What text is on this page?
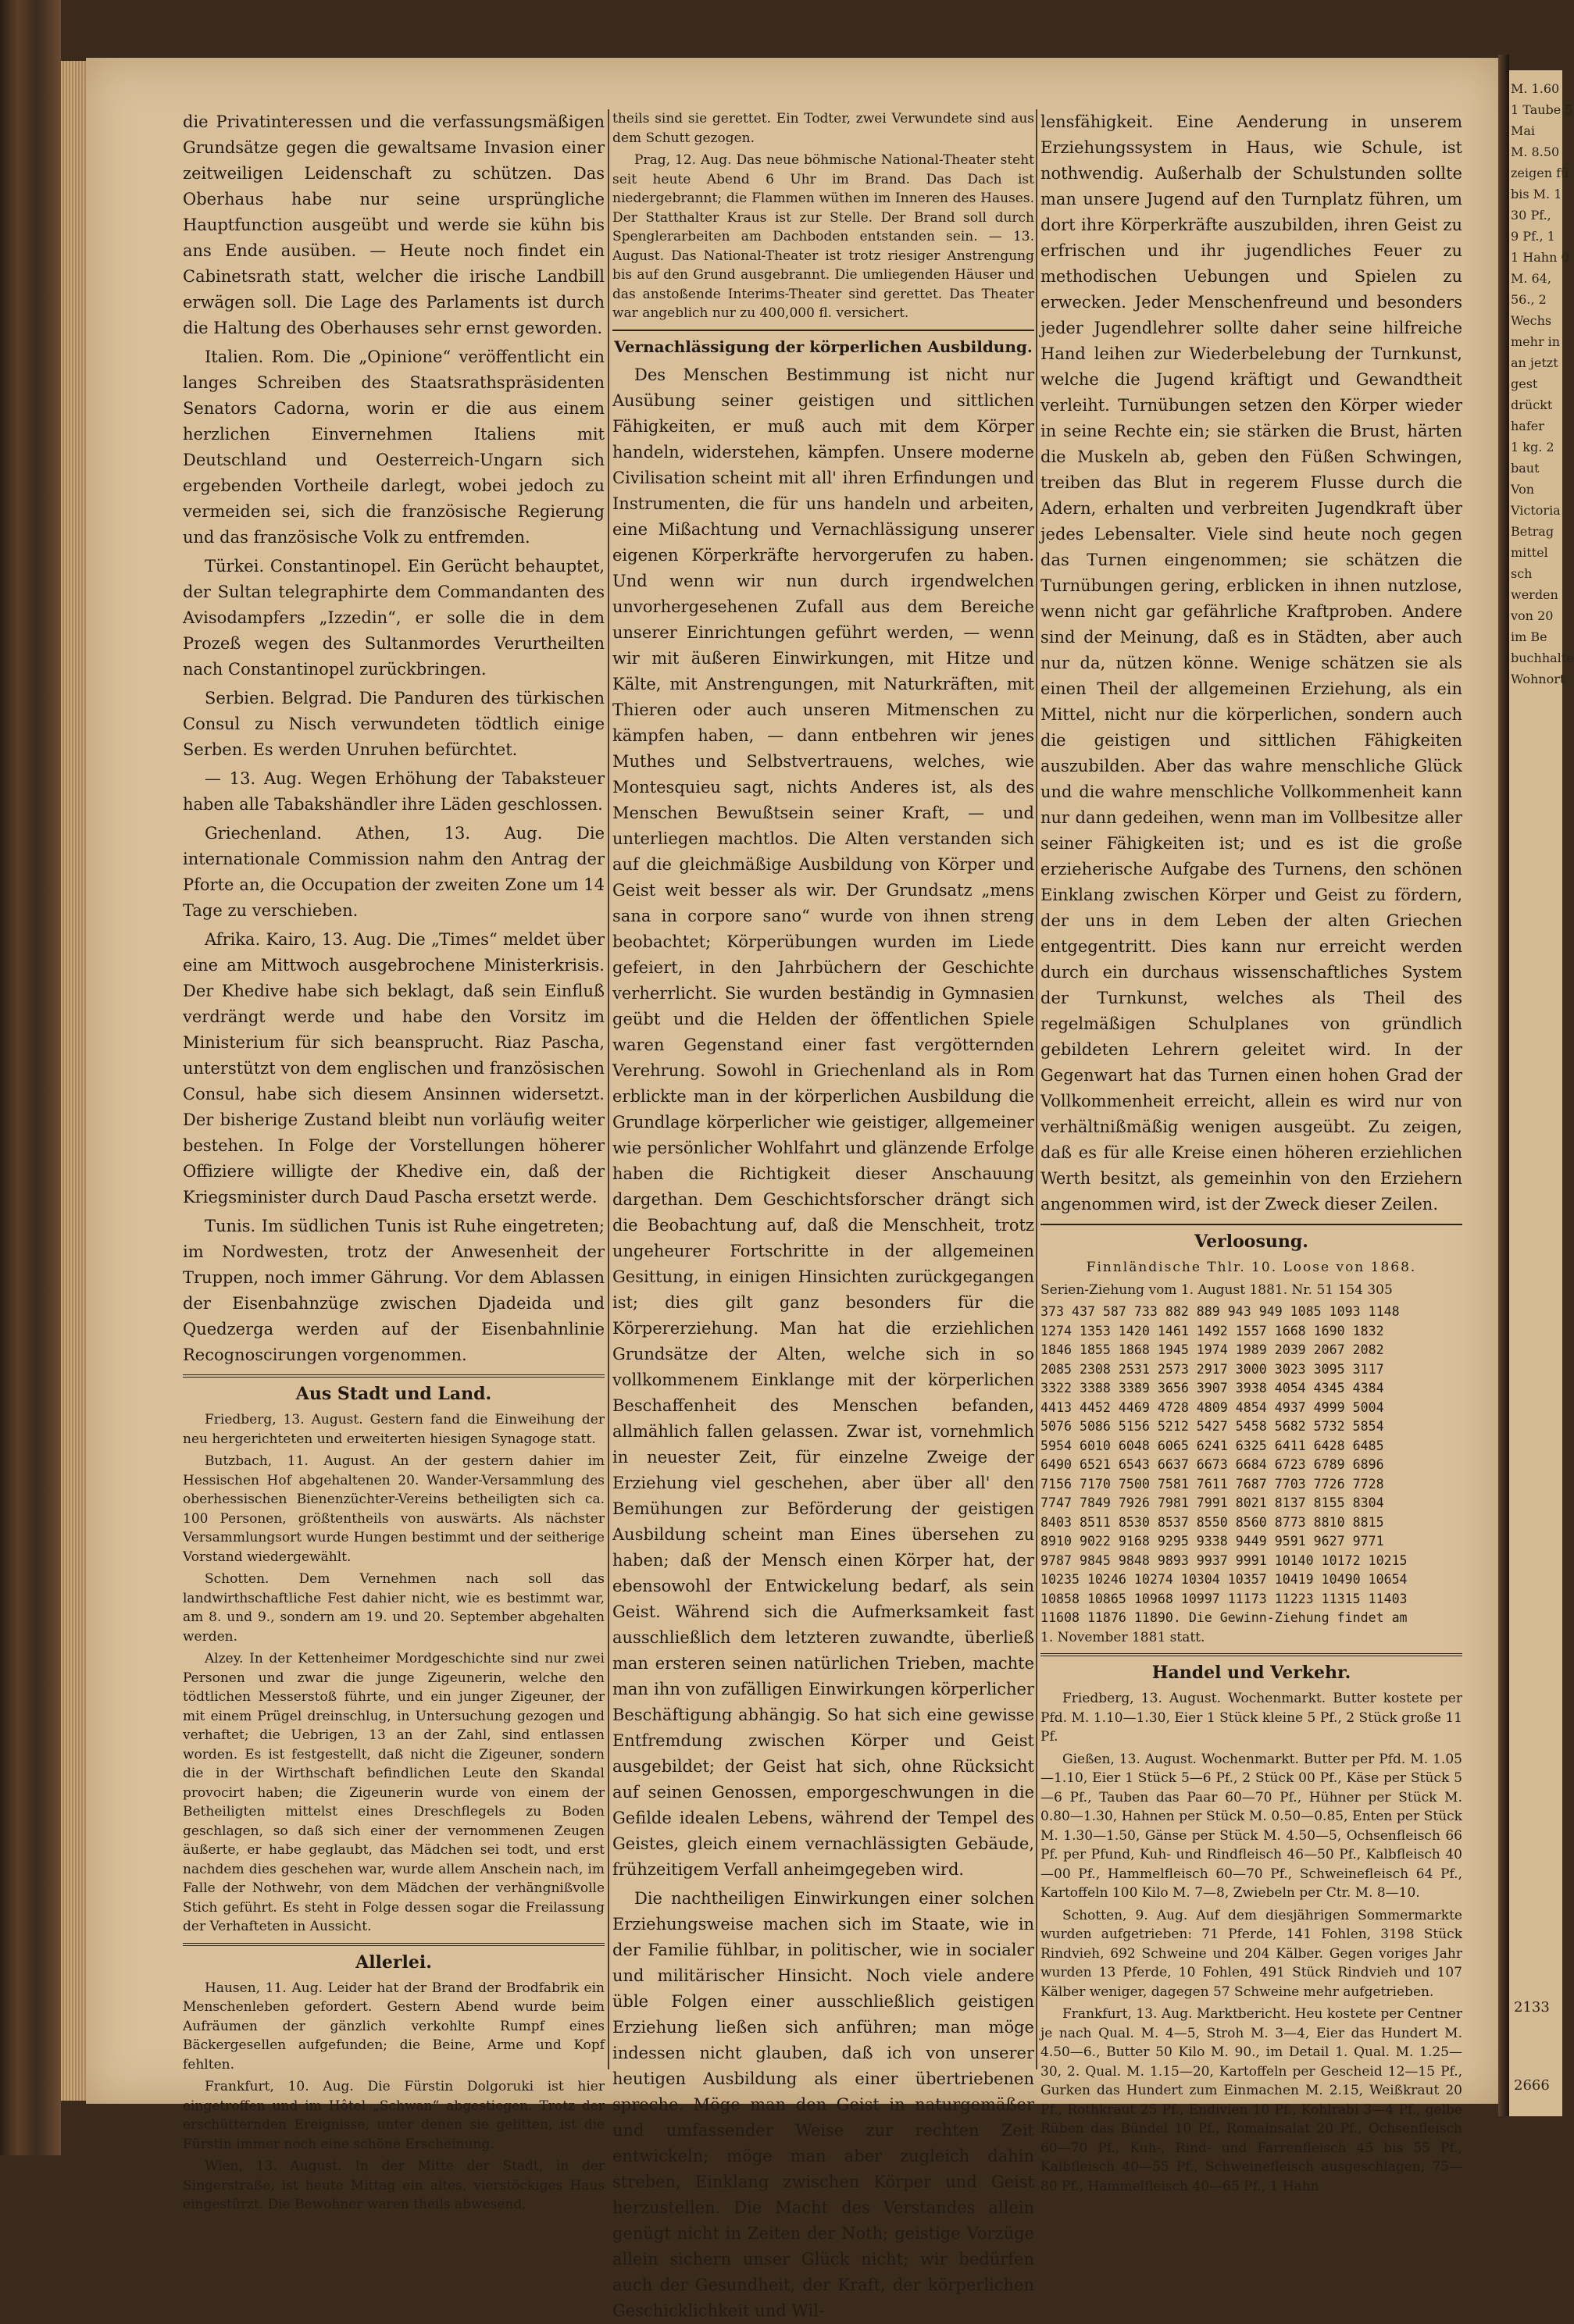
M. 1.60
1 Taube 5
Mai
M. 8.50
zeigen fü
bis M. 1
30 Pf.,
9 Pf., 1
1 Hahn 0
M. 64,
56., 2
Wechs
mehr in
an jetzt
gest
drückt
hafer
1 kg. 2
baut
Von
Victoria
Betrag
mittel
sch
werden
von 20
im Be
buchhalte
Wohnort
2133
2666

die Privatinteressen und die verfassungsmäßigen Grundsätze gegen die gewaltsame Invasion einer zeitweiligen Leidenschaft zu schützen. Das Oberhaus habe nur seine ursprüngliche Hauptfunction ausgeübt und werde sie kühn bis ans Ende ausüben. — Heute noch findet ein Cabinetsrath statt, welcher die irische Landbill erwägen soll. Die Lage des Parlaments ist durch die Haltung des Oberhauses sehr ernst geworden.

Italien. Rom. Die „Opinione“ veröffentlicht ein langes Schreiben des Staatsrathspräsidenten Senators Cadorna, worin er die aus einem herzlichen Einvernehmen Italiens mit Deutschland und Oesterreich-Ungarn sich ergebenden Vortheile darlegt, wobei jedoch zu vermeiden sei, sich die französische Regierung und das französische Volk zu entfremden.

Türkei. Constantinopel. Ein Gerücht behauptet, der Sultan telegraphirte dem Commandanten des Avisodampfers „Izzedin“, er solle die in dem Prozeß wegen des Sultanmordes Verurtheilten nach Constantinopel zurückbringen.

Serbien. Belgrad. Die Panduren des türkischen Consul zu Nisch verwundeten tödtlich einige Serben. Es werden Unruhen befürchtet.

— 13. Aug. Wegen Erhöhung der Tabaksteuer haben alle Tabakshändler ihre Läden geschlossen.

Griechenland. Athen, 13. Aug. Die internationale Commission nahm den Antrag der Pforte an, die Occupation der zweiten Zone um 14 Tage zu verschieben.

Afrika. Kairo, 13. Aug. Die „Times“ meldet über eine am Mittwoch ausgebrochene Ministerkrisis. Der Khedive habe sich beklagt, daß sein Einfluß verdrängt werde und habe den Vorsitz im Ministerium für sich beansprucht. Riaz Pascha, unterstützt von dem englischen und französischen Consul, habe sich diesem Ansinnen widersetzt. Der bisherige Zustand bleibt nun vorläufig weiter bestehen. In Folge der Vorstellungen höherer Offiziere willigte der Khedive ein, daß der Kriegsminister durch Daud Pascha ersetzt werde.

Tunis. Im südlichen Tunis ist Ruhe eingetreten; im Nordwesten, trotz der Anwesenheit der Truppen, noch immer Gährung. Vor dem Ablassen der Eisenbahnzüge zwischen Djadeida und Quedzerga werden auf der Eisenbahnlinie Recognoscirungen vorgenommen.

Aus Stadt und Land.

Friedberg, 13. August. Gestern fand die Einweihung der neu hergerichteten und erweiterten hiesigen Synagoge statt.

Butzbach, 11. August. An der gestern dahier im Hessischen Hof abgehaltenen 20. Wander-Versammlung des oberhessischen Bienenzüchter-Vereins betheiligten sich ca. 100 Personen, größtentheils von auswärts. Als nächster Versammlungsort wurde Hungen bestimmt und der seitherige Vorstand wiedergewählt.

Schotten. Dem Vernehmen nach soll das landwirthschaftliche Fest dahier nicht, wie es bestimmt war, am 8. und 9., sondern am 19. und 20. September abgehalten werden.

Alzey. In der Kettenheimer Mordgeschichte sind nur zwei Personen und zwar die junge Zigeunerin, welche den tödtlichen Messerstoß führte, und ein junger Zigeuner, der mit einem Prügel dreinschlug, in Untersuchung gezogen und verhaftet; die Uebrigen, 13 an der Zahl, sind entlassen worden. Es ist festgestellt, daß nicht die Zigeuner, sondern die in der Wirthschaft befindlichen Leute den Skandal provocirt haben; die Zigeunerin wurde von einem der Betheiligten mittelst eines Dreschflegels zu Boden geschlagen, so daß sich einer der vernommenen Zeugen äußerte, er habe geglaubt, das Mädchen sei todt, und erst nachdem dies geschehen war, wurde allem Anschein nach, im Falle der Nothwehr, von dem Mädchen der verhängnißvolle Stich geführt. Es steht in Folge dessen sogar die Freilassung der Verhafteten in Aussicht.

Allerlei.

Hausen, 11. Aug. Leider hat der Brand der Brodfabrik ein Menschenleben gefordert. Gestern Abend wurde beim Aufräumen der gänzlich verkohlte Rumpf eines Bäckergesellen aufgefunden; die Beine, Arme und Kopf fehlten.

Frankfurt, 10. Aug. Die Fürstin Dolgoruki ist hier eingetroffen und im Hôtel „Schwan“ abgestiegen. Trotz der erschütternden Ereignisse, unter denen sie gelitten, ist die Fürstin immer noch eine schöne Erscheinung.

Wien, 13. August. In der Mitte der Stadt, in der Singerstraße, ist heute Mittag ein altes, vierstöckiges Haus eingestürzt. Die Bewohner waren theils abwesend,

theils sind sie gerettet. Ein Todter, zwei Verwundete sind aus dem Schutt gezogen.

Prag, 12. Aug. Das neue böhmische National-Theater steht seit heute Abend 6 Uhr im Brand. Das Dach ist niedergebrannt; die Flammen wüthen im Inneren des Hauses. Der Statthalter Kraus ist zur Stelle. Der Brand soll durch Spenglerarbeiten am Dachboden entstanden sein. — 13. August. Das National-Theater ist trotz riesiger Anstrengung bis auf den Grund ausgebrannt. Die umliegenden Häuser und das anstoßende Interims-Theater sind gerettet. Das Theater war angeblich nur zu 400,000 fl. versichert.

Vernachlässigung der körperlichen Ausbildung.

Des Menschen Bestimmung ist nicht nur Ausübung seiner geistigen und sittlichen Fähigkeiten, er muß auch mit dem Körper handeln, widerstehen, kämpfen. Unsere moderne Civilisation scheint mit all' ihren Erfindungen und Instrumenten, die für uns handeln und arbeiten, eine Mißachtung und Vernachlässigung unserer eigenen Körperkräfte hervorgerufen zu haben. Und wenn wir nun durch irgendwelchen unvorhergesehenen Zufall aus dem Bereiche unserer Einrichtungen geführt werden, — wenn wir mit äußeren Einwirkungen, mit Hitze und Kälte, mit Anstrengungen, mit Naturkräften, mit Thieren oder auch unseren Mitmenschen zu kämpfen haben, — dann entbehren wir jenes Muthes und Selbstvertrauens, welches, wie Montesquieu sagt, nichts Anderes ist, als des Menschen Bewußtsein seiner Kraft, — und unterliegen machtlos. Die Alten verstanden sich auf die gleichmäßige Ausbildung von Körper und Geist weit besser als wir. Der Grundsatz „mens sana in corpore sano“ wurde von ihnen streng beobachtet; Körperübungen wurden im Liede gefeiert, in den Jahrbüchern der Geschichte verherrlicht. Sie wurden beständig in Gymnasien geübt und die Helden der öffentlichen Spiele waren Gegenstand einer fast vergötternden Verehrung. Sowohl in Griechenland als in Rom erblickte man in der körperlichen Ausbildung die Grundlage körperlicher wie geistiger, allgemeiner wie persönlicher Wohlfahrt und glänzende Erfolge haben die Richtigkeit dieser Anschauung dargethan. Dem Geschichtsforscher drängt sich die Beobachtung auf, daß die Menschheit, trotz ungeheurer Fortschritte in der allgemeinen Gesittung, in einigen Hinsichten zurückgegangen ist; dies gilt ganz besonders für die Körpererziehung. Man hat die erziehlichen Grundsätze der Alten, welche sich in so vollkommenem Einklange mit der körperlichen Beschaffenheit des Menschen befanden, allmählich fallen gelassen. Zwar ist, vornehmlich in neuester Zeit, für einzelne Zweige der Erziehung viel geschehen, aber über all' den Bemühungen zur Beförderung der geistigen Ausbildung scheint man Eines übersehen zu haben; daß der Mensch einen Körper hat, der ebensowohl der Entwickelung bedarf, als sein Geist. Während sich die Aufmerksamkeit fast ausschließlich dem letzteren zuwandte, überließ man ersteren seinen natürlichen Trieben, machte man ihn von zufälligen Einwirkungen körperlicher Beschäftigung abhängig. So hat sich eine gewisse Entfremdung zwischen Körper und Geist ausgebildet; der Geist hat sich, ohne Rücksicht auf seinen Genossen, emporgeschwungen in die Gefilde idealen Lebens, während der Tempel des Geistes, gleich einem vernachlässigten Gebäude, frühzeitigem Verfall anheimgegeben wird.

Die nachtheiligen Einwirkungen einer solchen Erziehungsweise machen sich im Staate, wie in der Familie fühlbar, in politischer, wie in socialer und militärischer Hinsicht. Noch viele andere üble Folgen einer ausschließlich geistigen Erziehung ließen sich anführen; man möge indessen nicht glauben, daß ich von unserer heutigen Ausbildung als einer übertriebenen spreche. Möge man den Geist in naturgemäßer und umfassender Weise zur rechten Zeit entwickeln; möge man aber zugleich dahin streben, Einklang zwischen Körper und Geist herzustellen. Die Macht des Verstandes allein genügt nicht in Zeiten der Noth; geistige Vorzüge allein sichern unser Glück nicht; wir bedürfen auch der Gesundheit, der Kraft, der körperlichen Geschicklichkeit und Wil-

lensfähigkeit. Eine Aenderung in unserem Erziehungssystem in Haus, wie Schule, ist nothwendig. Außerhalb der Schulstunden sollte man unsere Jugend auf den Turnplatz führen, um dort ihre Körperkräfte auszubilden, ihren Geist zu erfrischen und ihr jugendliches Feuer zu methodischen Uebungen und Spielen zu erwecken. Jeder Menschenfreund und besonders jeder Jugendlehrer sollte daher seine hilfreiche Hand leihen zur Wiederbelebung der Turnkunst, welche die Jugend kräftigt und Gewandtheit verleiht. Turnübungen setzen den Körper wieder in seine Rechte ein; sie stärken die Brust, härten die Muskeln ab, geben den Füßen Schwingen, treiben das Blut in regerem Flusse durch die Adern, erhalten und verbreiten Jugendkraft über jedes Lebensalter. Viele sind heute noch gegen das Turnen eingenommen; sie schätzen die Turnübungen gering, erblicken in ihnen nutzlose, wenn nicht gar gefährliche Kraftproben. Andere sind der Meinung, daß es in Städten, aber auch nur da, nützen könne. Wenige schätzen sie als einen Theil der allgemeinen Erziehung, als ein Mittel, nicht nur die körperlichen, sondern auch die geistigen und sittlichen Fähigkeiten auszubilden. Aber das wahre menschliche Glück und die wahre menschliche Vollkommenheit kann nur dann gedeihen, wenn man im Vollbesitze aller seiner Fähigkeiten ist; und es ist die große erzieherische Aufgabe des Turnens, den schönen Einklang zwischen Körper und Geist zu fördern, der uns in dem Leben der alten Griechen entgegentritt. Dies kann nur erreicht werden durch ein durchaus wissenschaftliches System der Turnkunst, welches als Theil des regelmäßigen Schulplanes von gründlich gebildeten Lehrern geleitet wird. In der Gegenwart hat das Turnen einen hohen Grad der Vollkommenheit erreicht, allein es wird nur von verhältnißmäßig wenigen ausgeübt. Zu zeigen, daß es für alle Kreise einen höheren erziehlichen Werth besitzt, als gemeinhin von den Erziehern angenommen wird, ist der Zweck dieser Zeilen.

Verloosung.

Finnländische Thlr. 10. Loose von 1868.

Serien-Ziehung vom 1. August 1881. Nr. 51 154 305

373 437 587 733 882 889 943 949 1085 1093 1148
1274 1353 1420 1461 1492 1557 1668 1690 1832
1846 1855 1868 1945 1974 1989 2039 2067 2082
2085 2308 2531 2573 2917 3000 3023 3095 3117
3322 3388 3389 3656 3907 3938 4054 4345 4384
4413 4452 4469 4728 4809 4854 4937 4999 5004
5076 5086 5156 5212 5427 5458 5682 5732 5854
5954 6010 6048 6065 6241 6325 6411 6428 6485
6490 6521 6543 6637 6673 6684 6723 6789 6896
7156 7170 7500 7581 7611 7687 7703 7726 7728
7747 7849 7926 7981 7991 8021 8137 8155 8304
8403 8511 8530 8537 8550 8560 8773 8810 8815
8910 9022 9168 9295 9338 9449 9591 9627 9771
9787 9845 9848 9893 9937 9991 10140 10172 10215
10235 10246 10274 10304 10357 10419 10490 10654
10858 10865 10968 10997 11173 11223 11315 11403
11608 11876 11890. Die Gewinn-Ziehung findet am

1. November 1881 statt.

Handel und Verkehr.

Friedberg, 13. August. Wochenmarkt. Butter kostete per Pfd. M. 1.10—1.30, Eier 1 Stück kleine 5 Pf., 2 Stück große 11 Pf.

Gießen, 13. August. Wochenmarkt. Butter per Pfd. M. 1.05—1.10, Eier 1 Stück 5—6 Pf., 2 Stück 00 Pf., Käse per Stück 5—6 Pf., Tauben das Paar 60—70 Pf., Hühner per Stück M. 0.80—1.30, Hahnen per Stück M. 0.50—0.85, Enten per Stück M. 1.30—1.50, Gänse per Stück M. 4.50—5, Ochsenfleisch 66 Pf. per Pfund, Kuh- und Rindfleisch 46—50 Pf., Kalbfleisch 40—00 Pf., Hammelfleisch 60—70 Pf., Schweinefleisch 64 Pf., Kartoffeln 100 Kilo M. 7—8, Zwiebeln per Ctr. M. 8—10.

Schotten, 9. Aug. Auf dem diesjährigen Sommermarkte wurden aufgetrieben: 71 Pferde, 141 Fohlen, 3198 Stück Rindvieh, 692 Schweine und 204 Kälber. Gegen voriges Jahr wurden 13 Pferde, 10 Fohlen, 491 Stück Rindvieh und 107 Kälber weniger, dagegen 57 Schweine mehr aufgetrieben.

Frankfurt, 13. Aug. Marktbericht. Heu kostete per Centner je nach Qual. M. 4—5, Stroh M. 3—4, Eier das Hundert M. 4.50—6., Butter 50 Kilo M. 90., im Detail 1. Qual. M. 1.25—30, 2. Qual. M. 1.15—20, Kartoffeln per Gescheid 12—15 Pf., Gurken das Hundert zum Einmachen M. 2.15, Weißkraut 20 Pf., Rothkraut 25 Pf., Endivien 10 Pf., Kohlrabi 3—4 Pf., gelbe Rüben das Bündel 10 Pf., Romainsalat 20 Pf., Ochsenfleisch 60—70 Pf., Kuh-, Rind- und Farrenfleisch 45 bis 55 Pf., Kalbfleisch 40—55 Pf., Schweinefleisch ausgeschlagen, 75—80 Pf., Hammelfleisch 40—65 Pf., 1 Hahn
